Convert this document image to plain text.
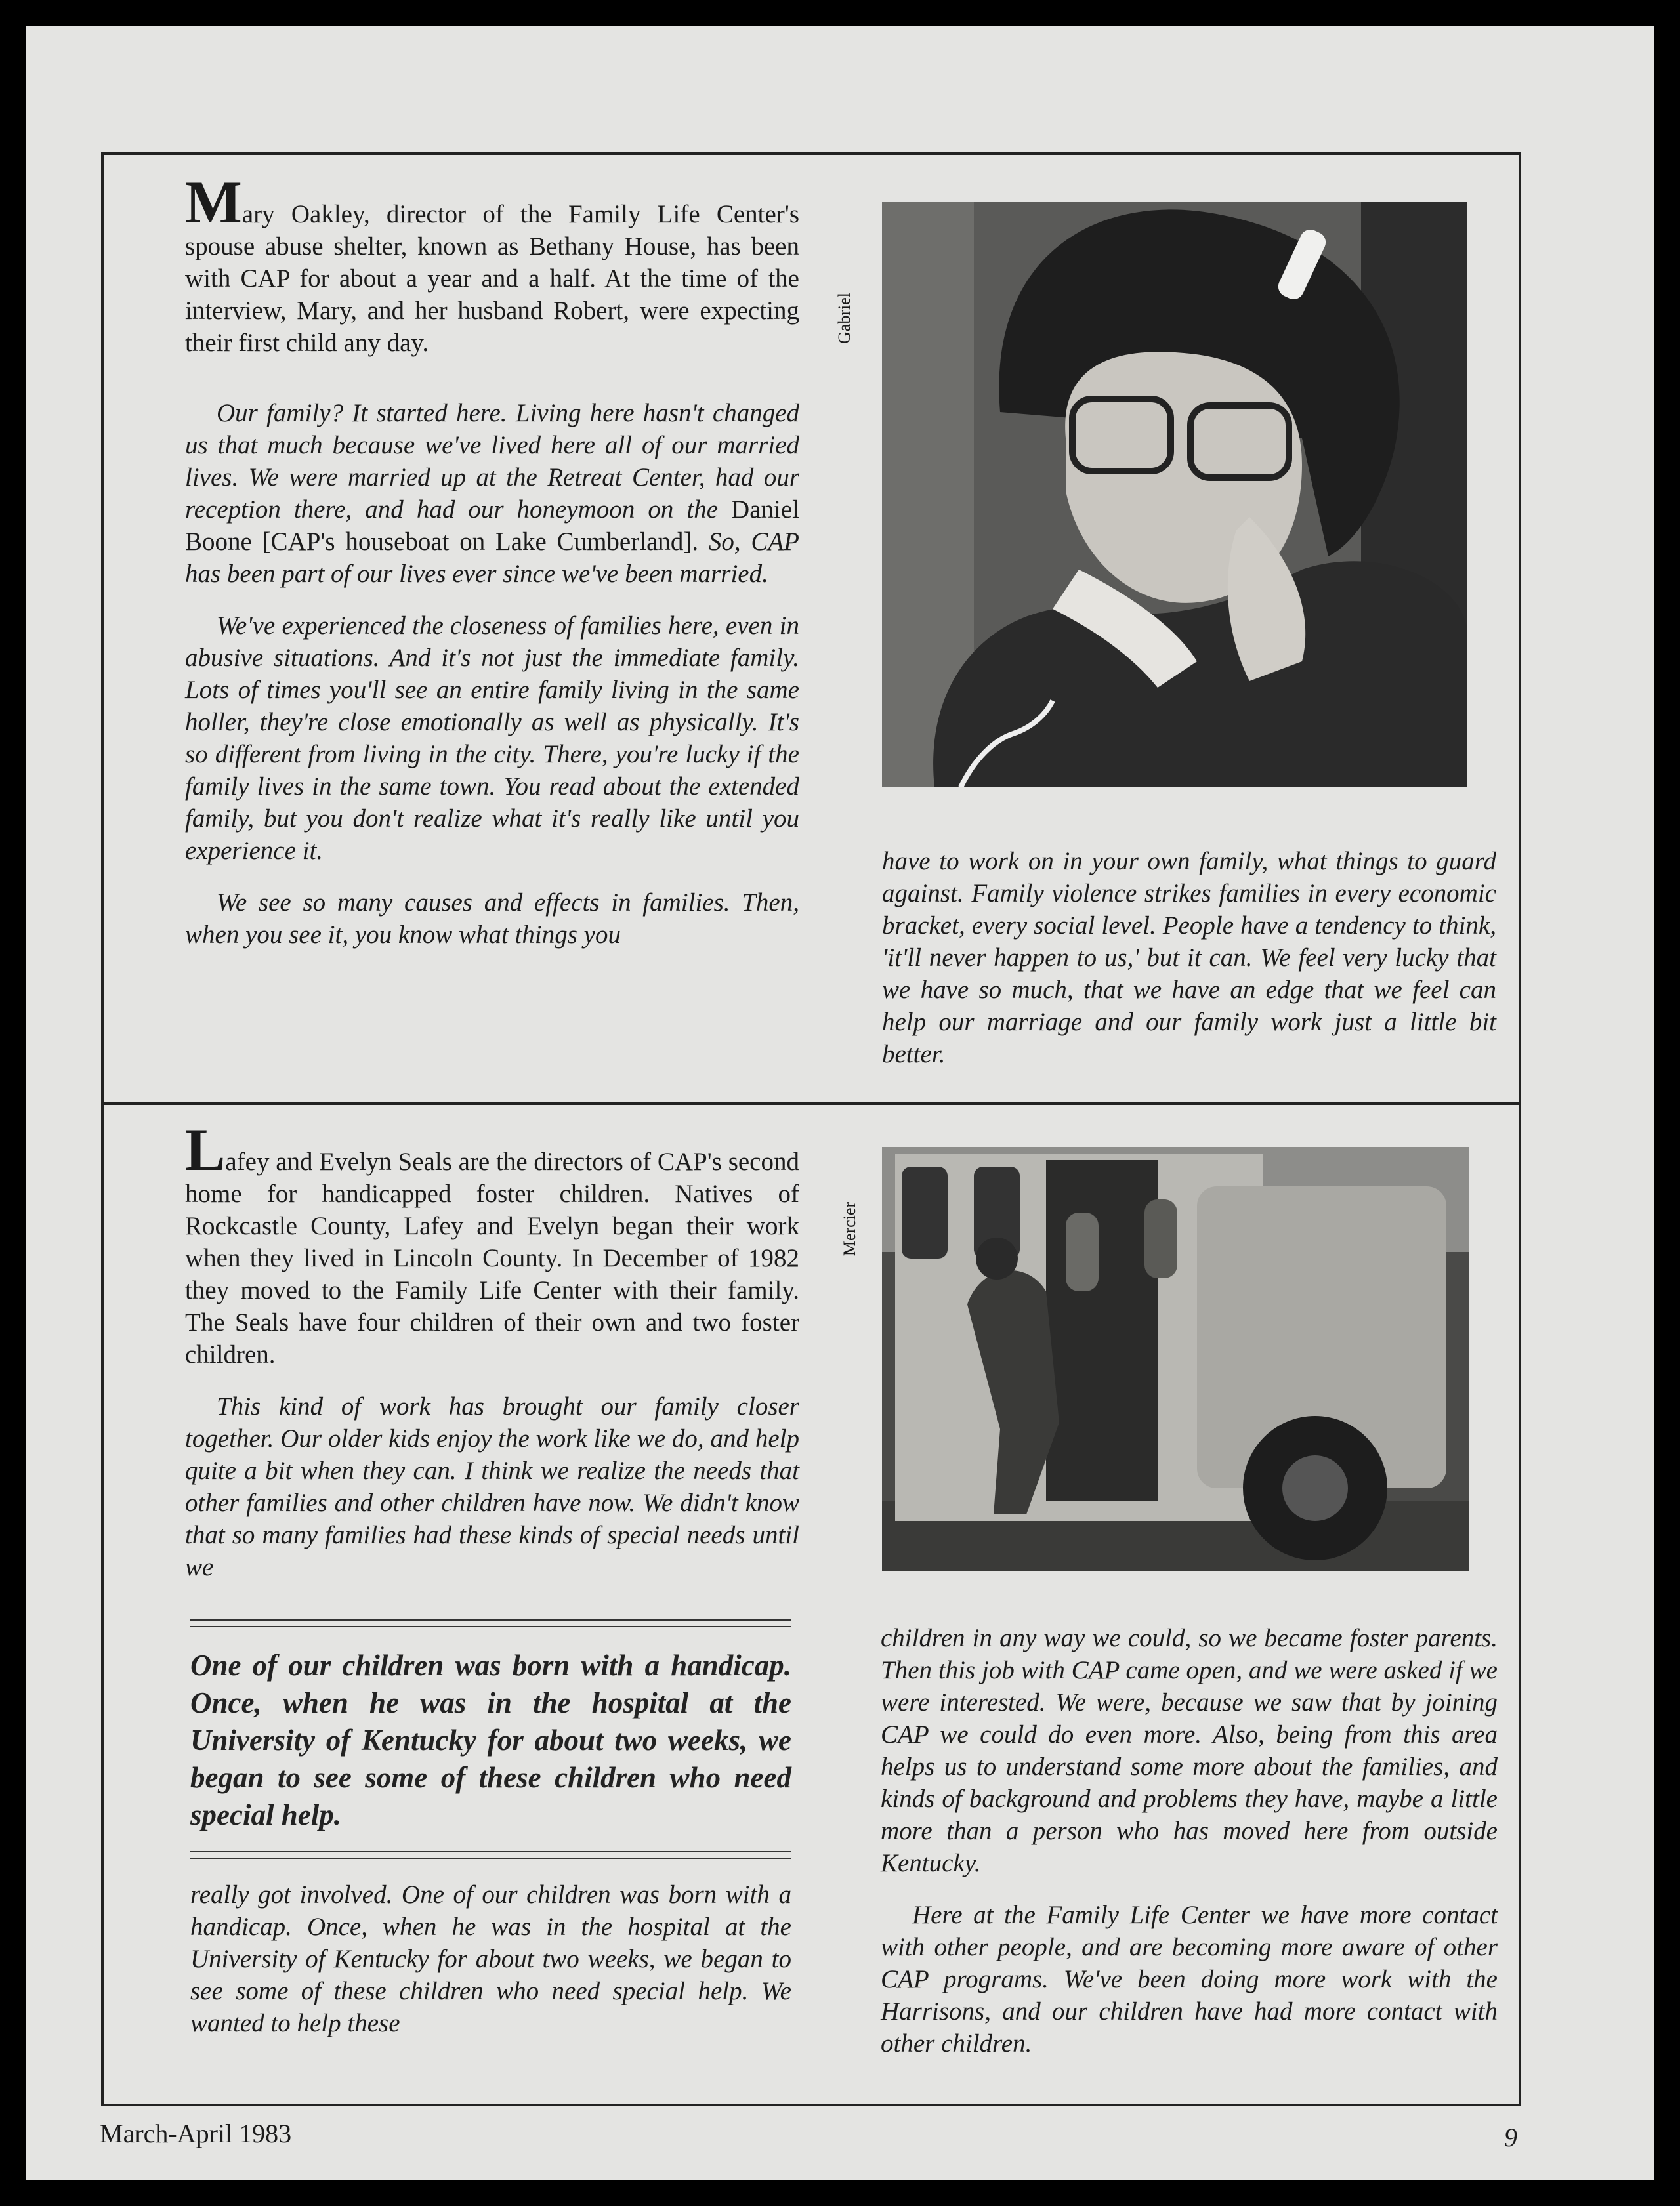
Mary Oakley, director of the Family Life Center's spouse abuse shelter, known as Bethany House, has been with CAP for about a year and a half. At the time of the interview, Mary, and her husband Robert, were expecting their first child any day.

Our family? It started here. Living here hasn't changed us that much because we've lived here all of our married lives. We were married up at the Retreat Center, had our reception there, and had our honeymoon on the Daniel Boone [CAP's houseboat on Lake Cumberland]. So, CAP has been part of our lives ever since we've been married.

We've experienced the closeness of families here, even in abusive situations. And it's not just the immediate family. Lots of times you'll see an entire family living in the same holler, they're close emotionally as well as physically. It's so different from living in the city. There, you're lucky if the family lives in the same town. You read about the extended family, but you don't realize what it's really like until you experience it.

We see so many causes and effects in families. Then, when you see it, you know what things you

Gabriel

have to work on in your own family, what things to guard against. Family violence strikes families in every economic bracket, every social level. People have a tendency to think, 'it'll never happen to us,' but it can. We feel very lucky that we have so much, that we have an edge that we feel can help our marriage and our family work just a little bit better.

Lafey and Evelyn Seals are the directors of CAP's second home for handicapped foster children. Natives of Rockcastle County, Lafey and Evelyn began their work when they lived in Lincoln County. In December of 1982 they moved to the Family Life Center with their family. The Seals have four children of their own and two foster children.

This kind of work has brought our family closer together. Our older kids enjoy the work like we do, and help quite a bit when they can. I think we realize the needs that other families and other children have now. We didn't know that so many families had these kinds of special needs until we

One of our children was born with a handicap. Once, when he was in the hospital at the University of Kentucky for about two weeks, we began to see some of these children who need special help.

really got involved. One of our children was born with a handicap. Once, when he was in the hospital at the University of Kentucky for about two weeks, we began to see some of these children who need special help. We wanted to help these

Mercier

children in any way we could, so we became foster parents. Then this job with CAP came open, and we were asked if we were interested. We were, because we saw that by joining CAP we could do even more. Also, being from this area helps us to understand some more about the families, and kinds of background and problems they have, maybe a little more than a person who has moved here from outside Kentucky.

Here at the Family Life Center we have more contact with other people, and are becoming more aware of other CAP programs. We've been doing more work with the Harrisons, and our children have had more contact with other children.

March-April 1983	9
